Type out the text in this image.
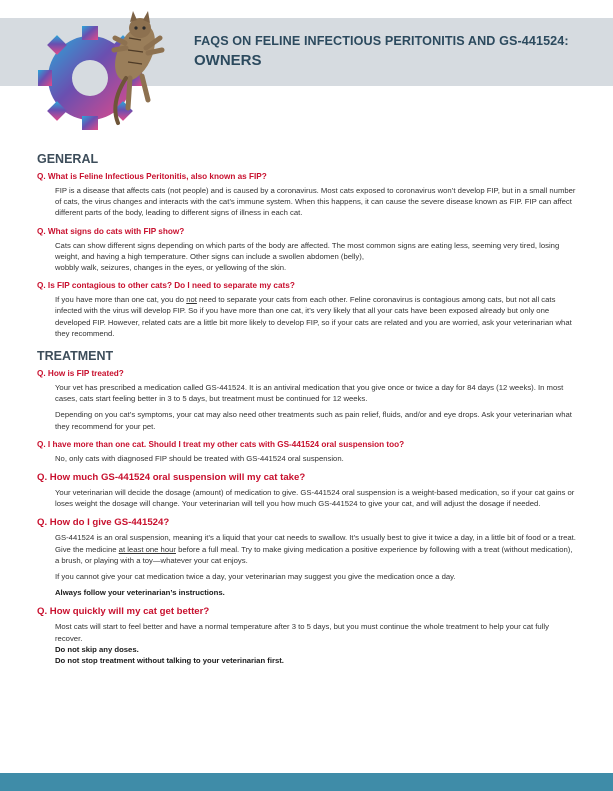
FAQS ON FELINE INFECTIOUS PERITONITIS AND GS-441524:
OWNERS
GENERAL
Q. What is Feline Infectious Peritonitis, also known as FIP?
FIP is a disease that affects cats (not people) and is caused by a coronavirus. Most cats exposed to coronavirus won’t develop FIP, but in a small number of cats, the virus changes and interacts with the cat’s immune system. When this happens, it can cause the severe disease known as FIP. FIP can affect different parts of the body, leading to different signs of illness in each cat.
Q. What signs do cats with FIP show?
Cats can show different signs depending on which parts of the body are affected. The most common signs are eating less, seeming very tired, losing weight, and having a high temperature. Other signs can include a swollen abdomen (belly),
wobbly walk, seizures, changes in the eyes, or yellowing of the skin.
Q. Is FIP contagious to other cats? Do I need to separate my cats?
If you have more than one cat, you do not need to separate your cats from each other. Feline coronavirus is contagious among cats, but not all cats infected with the virus will develop FIP. So if you have more than one cat, it’s very likely that all your cats have been exposed already but only one developed FIP. However, related cats are a little bit more likely to develop FIP, so if your cats are related and you are worried, ask your veterinarian what they recommend.
TREATMENT
Q. How is FIP treated?
Your vet has prescribed a medication called GS-441524. It is an antiviral medication that you give once or twice a day for 84 days (12 weeks). In most cases, cats start feeling better in 3 to 5 days, but treatment must be continued for 12 weeks.
Depending on you cat’s symptoms, your cat may also need other treatments such as pain relief, fluids, and/or and eye drops. Ask your veterinarian what they recommend for your pet.
Q. I have more than one cat. Should I treat my other cats with GS-441524 oral suspension too?
No, only cats with diagnosed FIP should be treated with GS-441524 oral suspension.
Q. How much GS-441524 oral suspension will my cat take?
Your veterinarian will decide the dosage (amount) of medication to give. GS-441524 oral suspension is a weight-based medication, so if your cat gains or loses weight the dosage will change. Your veterinarian will tell you how much GS-441524 to give your cat, and will adjust the dosage if needed.
Q. How do I give GS-441524?
GS-441524 is an oral suspension, meaning it’s a liquid that your cat needs to swallow. It’s usually best to give it twice a day, in a little bit of food or a treat. Give the medicine at least one hour before a full meal. Try to make giving medication a positive experience by following with a treat (without medication), a brush, or playing with a toy—whatever your cat enjoys.
If you cannot give your cat medication twice a day, your veterinarian may suggest you give the medication once a day.
Always follow your veterinarian’s instructions.
Q. How quickly will my cat get better?
Most cats will start to feel better and have a normal temperature after 3 to 5 days, but you must continue the whole treatment to help your cat fully recover.
Do not skip any doses.
Do not stop treatment without talking to your veterinarian first.
